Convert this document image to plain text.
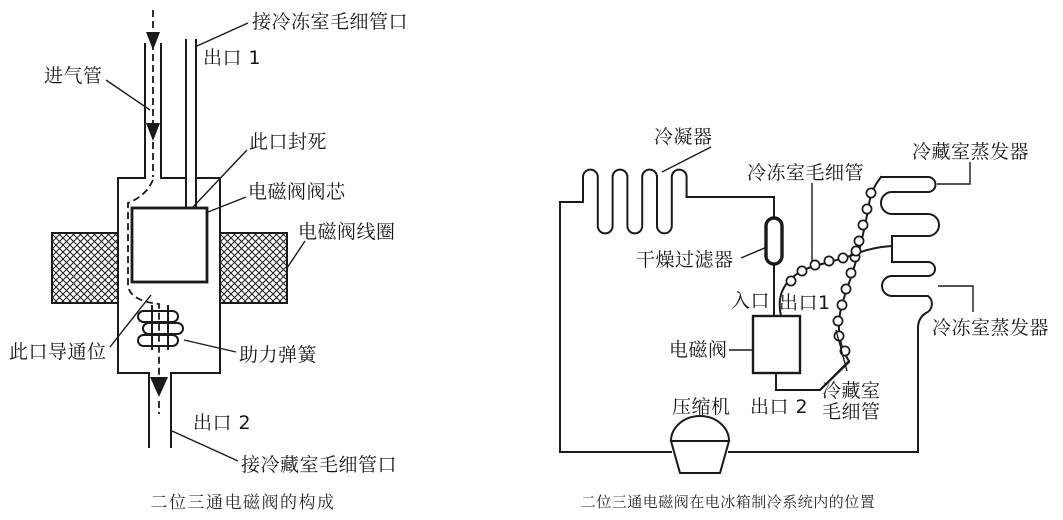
接冷冻室毛细管口
出口 1
进气管
此口封死
电磁阀阀芯
电磁阀线圈
此口导通位	助力弹簧
出口 2
接冷藏室毛细管口
二位三通电磁阀的构成
冷凝器
冷冻室毛细管
冷藏室蒸发器
干燥过滤器
入口 出口1
电磁阀
压缩机 出口 2
冷藏室
毛细管
冷冻室蒸发器
二位三通电磁阀在电冰箱制冷系统内的位置
